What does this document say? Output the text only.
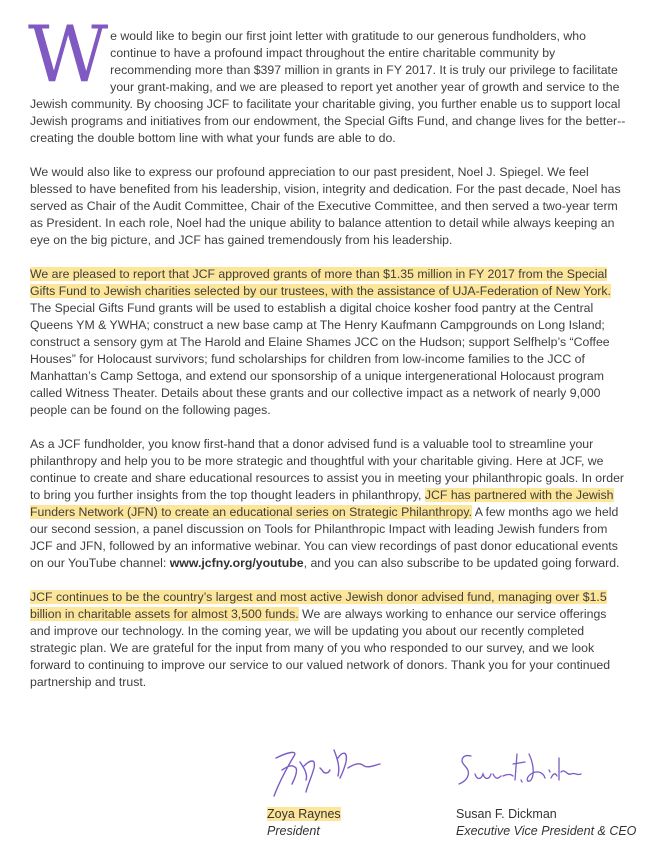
We would like to begin our first joint letter with gratitude to our generous fundholders, who continue to have a profound impact throughout the entire charitable community by recommending more than $397 million in grants in FY 2017. It is truly our privilege to facilitate your grant-making, and we are pleased to report yet another year of growth and service to the Jewish community. By choosing JCF to facilitate your charitable giving, you further enable us to support local Jewish programs and initiatives from our endowment, the Special Gifts Fund, and change lives for the better--creating the double bottom line with what your funds are able to do.

We would also like to express our profound appreciation to our past president, Noel J. Spiegel. We feel blessed to have benefited from his leadership, vision, integrity and dedication. For the past decade, Noel has served as Chair of the Audit Committee, Chair of the Executive Committee, and then served a two-year term as President. In each role, Noel had the unique ability to balance attention to detail while always keeping an eye on the big picture, and JCF has gained tremendously from his leadership.

We are pleased to report that JCF approved grants of more than $1.35 million in FY 2017 from the Special Gifts Fund to Jewish charities selected by our trustees, with the assistance of UJA-Federation of New York. The Special Gifts Fund grants will be used to establish a digital choice kosher food pantry at the Central Queens YM & YWHA; construct a new base camp at The Henry Kaufmann Campgrounds on Long Island; construct a sensory gym at The Harold and Elaine Shames JCC on the Hudson; support Selfhelp’s “Coffee Houses” for Holocaust survivors; fund scholarships for children from low-income families to the JCC of Manhattan’s Camp Settoga, and extend our sponsorship of a unique intergenerational Holocaust program called Witness Theater. Details about these grants and our collective impact as a network of nearly 9,000 people can be found on the following pages.

As a JCF fundholder, you know first-hand that a donor advised fund is a valuable tool to streamline your philanthropy and help you to be more strategic and thoughtful with your charitable giving. Here at JCF, we continue to create and share educational resources to assist you in meeting your philanthropic goals. In order to bring you further insights from the top thought leaders in philanthropy, JCF has partnered with the Jewish Funders Network (JFN) to create an educational series on Strategic Philanthropy. A few months ago we held our second session, a panel discussion on Tools for Philanthropic Impact with leading Jewish funders from JCF and JFN, followed by an informative webinar. You can view recordings of past donor educational events on our YouTube channel: www.jcfny.org/youtube, and you can also subscribe to be updated going forward.

JCF continues to be the country’s largest and most active Jewish donor advised fund, managing over $1.5 billion in charitable assets for almost 3,500 funds. We are always working to enhance our service offerings and improve our technology. In the coming year, we will be updating you about our recently completed strategic plan. We are grateful for the input from many of you who responded to our survey, and we look forward to continuing to improve our service to our valued network of donors. Thank you for your continued partnership and trust.

Zoya Raynes
President
Susan F. Dickman
Executive Vice President & CEO
